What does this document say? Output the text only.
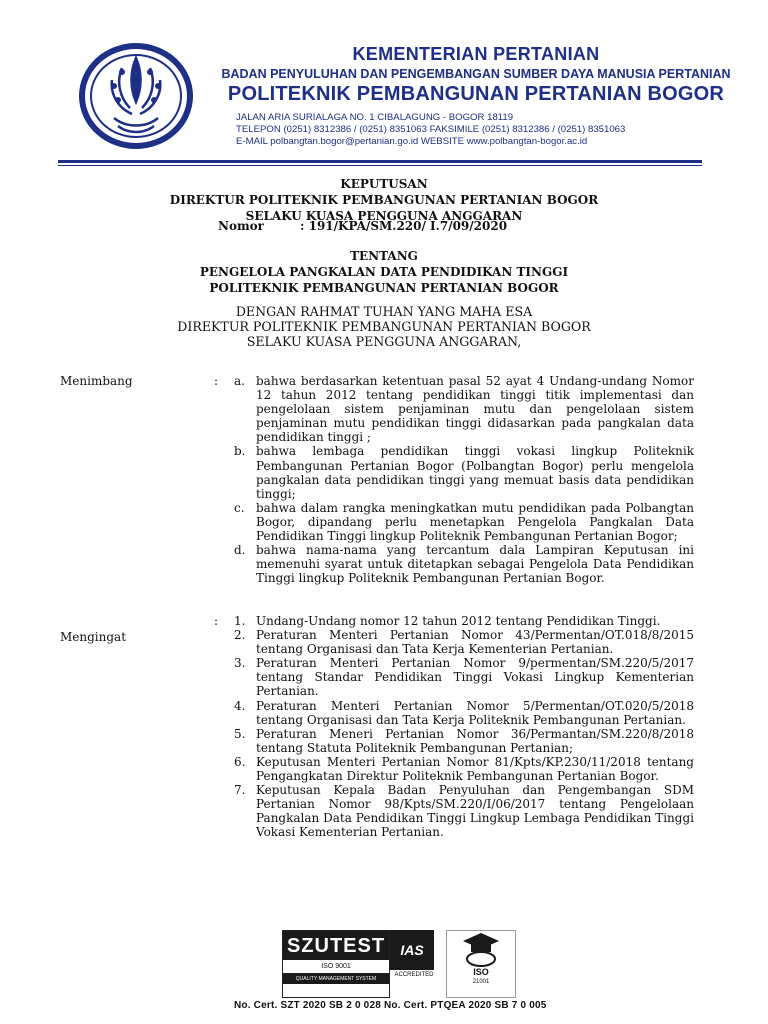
KEMENTERIAN PERTANIAN
BADAN PENYULUHAN DAN PENGEMBANGAN SUMBER DAYA MANUSIA PERTANIAN
POLITEKNIK PEMBANGUNAN PERTANIAN BOGOR
JALAN ARIA SURIALAGA NO. 1 CIBALAGUNG - BOGOR 18119
TELEPON (0251) 8312386 / (0251) 8351063 FAKSIMILE (0251) 8312386 / (0251) 8351063
E-MAIL polbangtan.bogor@pertanian.go.id WEBSITE www.polbangtan-bogor.ac.id
KEPUTUSAN
DIREKTUR POLITEKNIK PEMBANGUNAN PERTANIAN BOGOR
SELAKU KUASA PENGGUNA ANGGARAN
Nomor	: 191/KPA/SM.220/ I.7/09/2020
TENTANG
PENGELOLA PANGKALAN DATA PENDIDIKAN TINGGI
POLITEKNIK PEMBANGUNAN PERTANIAN BOGOR
DENGAN RAHMAT TUHAN YANG MAHA ESA
DIREKTUR POLITEKNIK PEMBANGUNAN PERTANIAN BOGOR
SELAKU KUASA PENGGUNA ANGGARAN,
Menimbang	: a. bahwa berdasarkan ketentuan pasal 52 ayat 4 Undang-undang Nomor 12 tahun 2012 tentang pendidikan tinggi titik implementasi dan pengelolaan sistem penjaminan mutu dan pengelolaan sistem penjaminan mutu pendidikan tinggi didasarkan pada pangkalan data pendidikan tinggi ;
b. bahwa lembaga pendidikan tinggi vokasi lingkup Politeknik Pembangunan Pertanian Bogor (Polbangtan Bogor) perlu mengelola pangkalan data pendidikan tinggi yang memuat basis data pendidikan tinggi;
c. bahwa dalam rangka meningkatkan mutu pendidikan pada Polbangtan Bogor, dipandang perlu menetapkan Pengelola Pangkalan Data Pendidikan Tinggi lingkup Politeknik Pembangunan Pertanian Bogor;
d. bahwa nama-nama yang tercantum dala Lampiran Keputusan ini memenuhi syarat untuk ditetapkan sebagai Pengelola Data Pendidikan Tinggi lingkup Politeknik Pembangunan Pertanian Bogor.
Mengingat
: 1. Undang-Undang nomor 12 tahun 2012 tentang Pendidikan Tinggi.
2. Peraturan Menteri Pertanian Nomor 43/Permentan/OT.018/8/2015 tentang Organisasi dan Tata Kerja Kementerian Pertanian.
3. Peraturan Menteri Pertanian Nomor 9/permentan/SM.220/5/2017 tentang Standar Pendidikan Tinggi Vokasi Lingkup Kementerian Pertanian.
4. Peraturan Menteri Pertanian Nomor 5/Permentan/OT.020/5/2018 tentang Organisasi dan Tata Kerja Politeknik Pembangunan Pertanian.
5. Peraturan Meneri Pertanian Nomor 36/Permantan/SM.220/8/2018 tentang Statuta Politeknik Pembangunan Pertanian;
6. Keputusan Menteri Pertanian Nomor 81/Kpts/KP.230/11/2018 tentang Pengangkatan Direktur Politeknik Pembangunan Pertanian Bogor.
7. Keputusan Kepala Badan Penyuluhan dan Pengembangan SDM Pertanian Nomor 98/Kpts/SM.220/I/06/2017 tentang Pengelolaan Pangkalan Data Pendidikan Tinggi Lingkup Lembaga Pendidikan Tinggi Vokasi Kementerian Pertanian.
SZUTEST
ISO 9001
QUALITY MANAGEMENT SYSTEM
IAS
ACCREDITED	ISO
21001
No. Cert. SZT 2020 SB 2 0 028 No. Cert. PTQEA 2020 SB 7 0 005
